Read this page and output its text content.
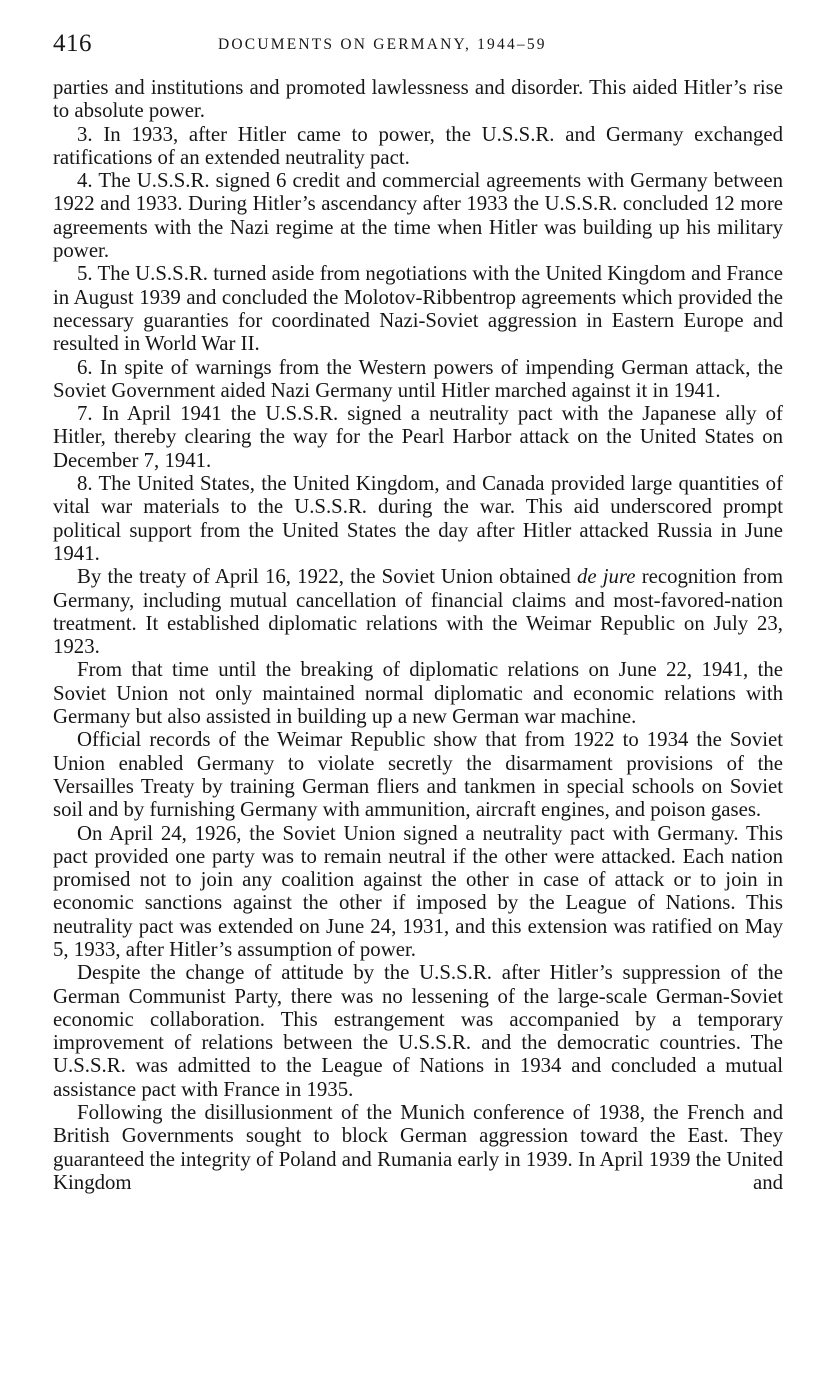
416	DOCUMENTS ON GERMANY, 1944–59

parties and institutions and promoted lawlessness and disorder. This aided Hitler’s rise to absolute power.

3. In 1933, after Hitler came to power, the U.S.S.R. and Germany exchanged ratifications of an extended neutrality pact.

4. The U.S.S.R. signed 6 credit and commercial agreements with Germany between 1922 and 1933. During Hitler’s ascendancy after 1933 the U.S.S.R. concluded 12 more agreements with the Nazi regime at the time when Hitler was building up his military power.

5. The U.S.S.R. turned aside from negotiations with the United Kingdom and France in August 1939 and concluded the Molotov-Ribbentrop agreements which provided the necessary guaranties for coordinated Nazi-Soviet aggression in Eastern Europe and resulted in World War II.

6. In spite of warnings from the Western powers of impending German attack, the Soviet Government aided Nazi Germany until Hitler marched against it in 1941.

7. In April 1941 the U.S.S.R. signed a neutrality pact with the Japanese ally of Hitler, thereby clearing the way for the Pearl Harbor attack on the United States on December 7, 1941.

8. The United States, the United Kingdom, and Canada provided large quantities of vital war materials to the U.S.S.R. during the war. This aid underscored prompt political support from the United States the day after Hitler attacked Russia in June 1941.

By the treaty of April 16, 1922, the Soviet Union obtained de jure recognition from Germany, including mutual cancellation of financial claims and most-favored-nation treatment. It established diplomatic relations with the Weimar Republic on July 23, 1923.

From that time until the breaking of diplomatic relations on June 22, 1941, the Soviet Union not only maintained normal diplomatic and economic relations with Germany but also assisted in building up a new German war machine.

Official records of the Weimar Republic show that from 1922 to 1934 the Soviet Union enabled Germany to violate secretly the disarmament provisions of the Versailles Treaty by training German fliers and tankmen in special schools on Soviet soil and by furnishing Germany with ammunition, aircraft engines, and poison gases.

On April 24, 1926, the Soviet Union signed a neutrality pact with Germany. This pact provided one party was to remain neutral if the other were attacked. Each nation promised not to join any coalition against the other in case of attack or to join in economic sanctions against the other if imposed by the League of Nations. This neutrality pact was extended on June 24, 1931, and this extension was ratified on May 5, 1933, after Hitler’s assumption of power.

Despite the change of attitude by the U.S.S.R. after Hitler’s suppression of the German Communist Party, there was no lessening of the large-scale German-Soviet economic collaboration. This estrangement was accompanied by a temporary improvement of relations between the U.S.S.R. and the democratic countries. The U.S.S.R. was admitted to the League of Nations in 1934 and concluded a mutual assistance pact with France in 1935.

Following the disillusionment of the Munich conference of 1938, the French and British Governments sought to block German aggression toward the East. They guaranteed the integrity of Poland and Rumania early in 1939. In April 1939 the United Kingdom and
